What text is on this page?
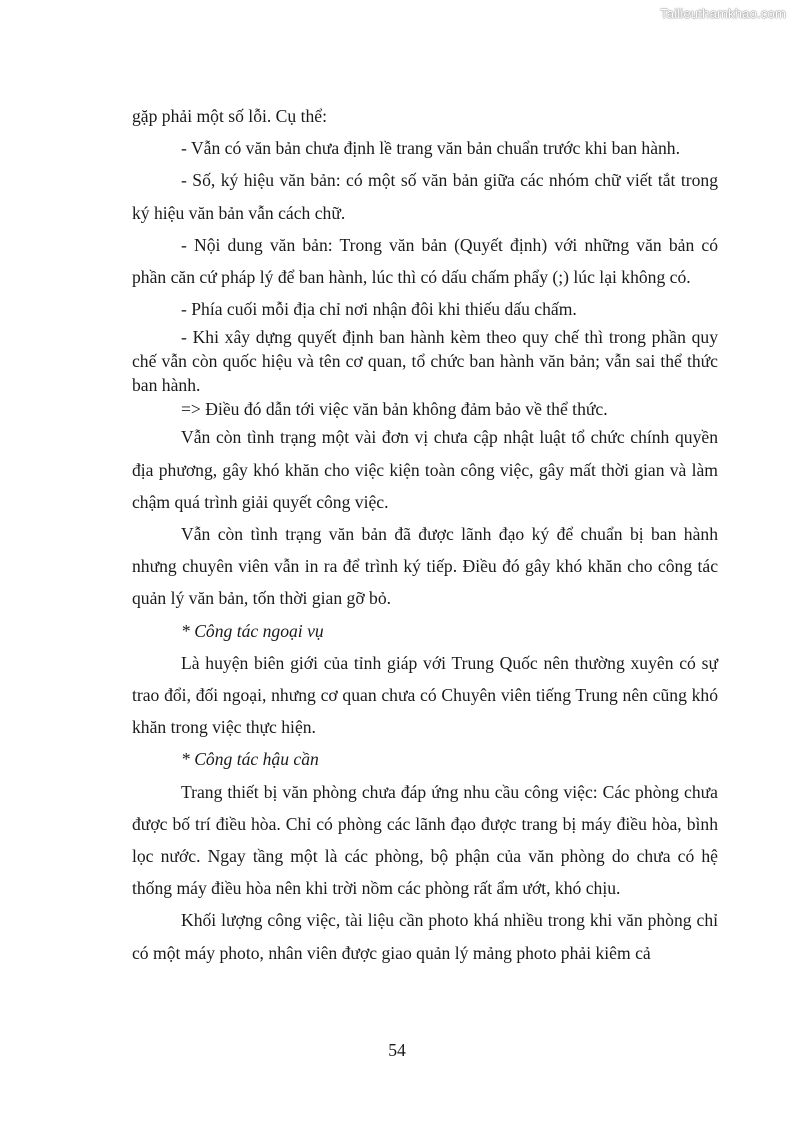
Tailieuthamkhao.com

gặp phải một số lỗi. Cụ thể:

- Vẫn có văn bản chưa định lề trang văn bản chuẩn trước khi ban hành.

- Số, ký hiệu văn bản: có một số văn bản giữa các nhóm chữ viết tắt trong ký hiệu văn bản vẫn cách chữ.

- Nội dung văn bản: Trong văn bản (Quyết định) với những văn bản có phần căn cứ pháp lý để ban hành, lúc thì có dấu chấm phẩy (;) lúc lại không có.

- Phía cuối mỗi địa chỉ nơi nhận đôi khi thiếu dấu chấm.

- Khi xây dựng quyết định ban hành kèm theo quy chế thì trong phần quy chế vẫn còn quốc hiệu và tên cơ quan, tổ chức ban hành văn bản; vẫn sai thể thức ban hành.

=> Điều đó dẫn tới việc văn bản không đảm bảo về thể thức.

Vẫn còn tình trạng một vài đơn vị chưa cập nhật luật tổ chức chính quyền địa phương, gây khó khăn cho việc kiện toàn công việc, gây mất thời gian và làm chậm quá trình giải quyết công việc.

Vẫn còn tình trạng văn bản đã được lãnh đạo ký để chuẩn bị ban hành nhưng chuyên viên vẫn in ra để trình ký tiếp. Điều đó gây khó khăn cho công tác quản lý văn bản, tốn thời gian gỡ bỏ.

* Công tác ngoại vụ

Là huyện biên giới của tỉnh giáp với Trung Quốc nên thường xuyên có sự trao đổi, đối ngoại, nhưng cơ quan chưa có Chuyên viên tiếng Trung nên cũng khó khăn trong việc thực hiện.

* Công tác hậu cần

Trang thiết bị văn phòng chưa đáp ứng nhu cầu công việc: Các phòng chưa được bố trí điều hòa. Chỉ có phòng các lãnh đạo được trang bị máy điều hòa, bình lọc nước. Ngay tầng một là các phòng, bộ phận của văn phòng do chưa có hệ thống máy điều hòa nên khi trời nồm các phòng rất ẩm ướt, khó chịu.

Khối lượng công việc, tài liệu cần photo khá nhiều trong khi văn phòng chỉ có một máy photo, nhân viên được giao quản lý mảng photo phải kiêm cả

54
